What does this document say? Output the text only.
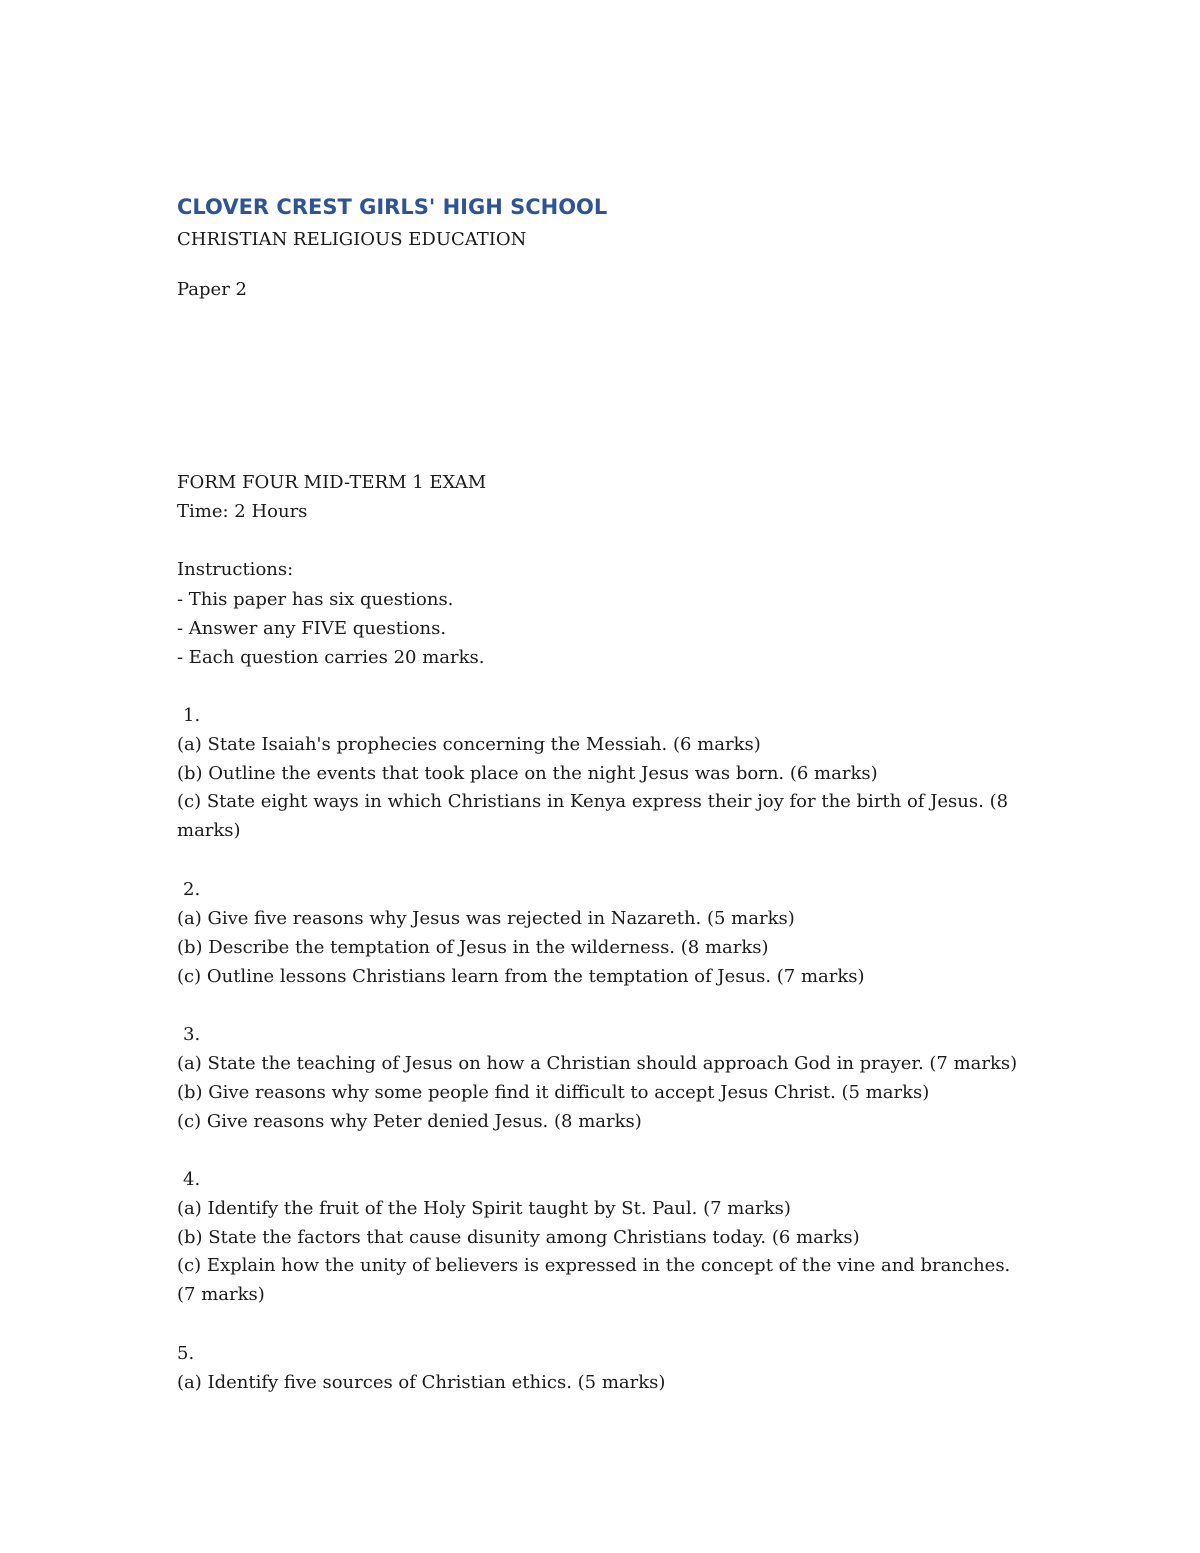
CLOVER CREST GIRLS' HIGH SCHOOL
CHRISTIAN RELIGIOUS EDUCATION
Paper 2
FORM FOUR MID-TERM 1 EXAM
Time: 2 Hours
Instructions:
- This paper has six questions.
- Answer any FIVE questions.
- Each question carries 20 marks.
1.
(a) State Isaiah's prophecies concerning the Messiah. (6 marks)
(b) Outline the events that took place on the night Jesus was born. (6 marks)
(c) State eight ways in which Christians in Kenya express their joy for the birth of Jesus. (8 marks)
2.
(a) Give five reasons why Jesus was rejected in Nazareth. (5 marks)
(b) Describe the temptation of Jesus in the wilderness. (8 marks)
(c) Outline lessons Christians learn from the temptation of Jesus. (7 marks)
3.
(a) State the teaching of Jesus on how a Christian should approach God in prayer. (7 marks)
(b) Give reasons why some people find it difficult to accept Jesus Christ. (5 marks)
(c) Give reasons why Peter denied Jesus. (8 marks)
4.
(a) Identify the fruit of the Holy Spirit taught by St. Paul. (7 marks)
(b) State the factors that cause disunity among Christians today. (6 marks)
(c) Explain how the unity of believers is expressed in the concept of the vine and branches. (7 marks)
5.
(a) Identify five sources of Christian ethics. (5 marks)
